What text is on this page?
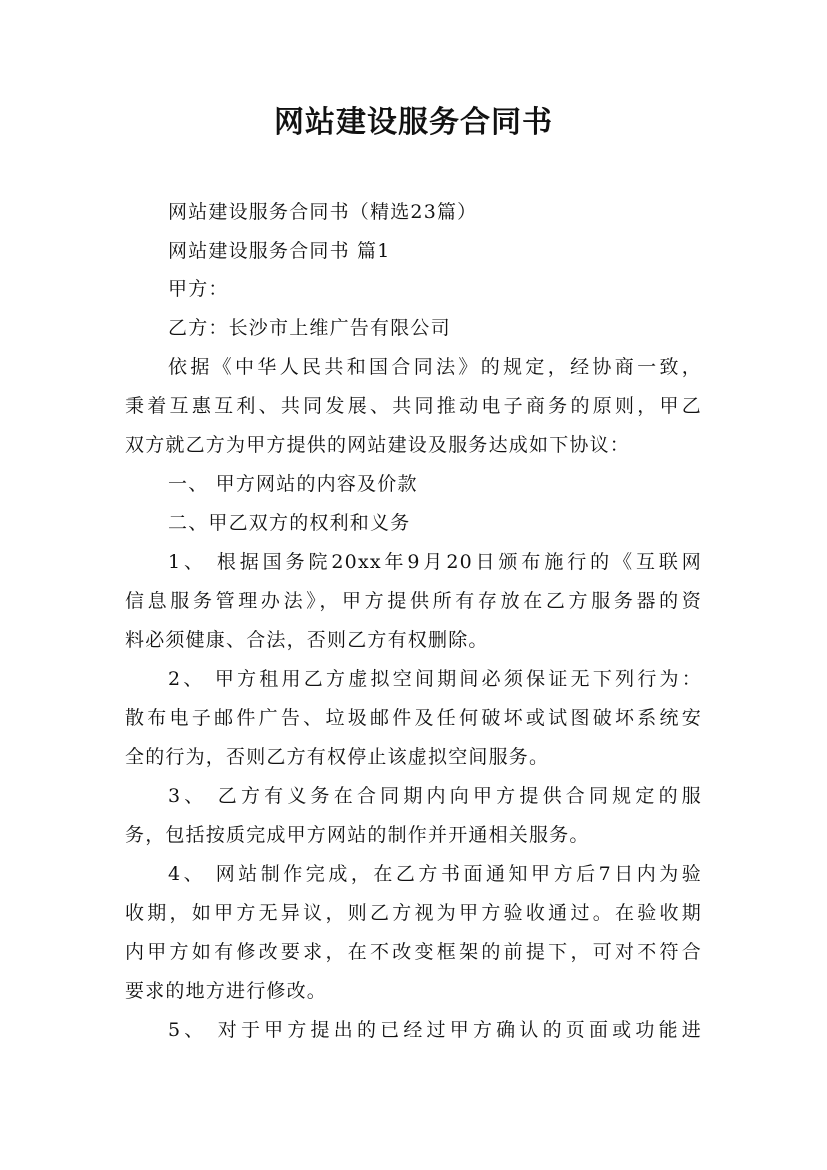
网站建设服务合同书
网站建设服务合同书（精选23篇）
网站建设服务合同书 篇1
甲方：
乙方：长沙市上维广告有限公司
依据《中华人民共和国合同法》的规定，经协商一致，
秉着互惠互利、共同发展、共同推动电子商务的原则，甲乙
双方就乙方为甲方提供的网站建设及服务达成如下协议：
一、 甲方网站的内容及价款
二、甲乙双方的权利和义务
1、 根据国务院20xx年9月20日颁布施行的《互联网
信息服务管理办法》，甲方提供所有存放在乙方服务器的资
料必须健康、合法，否则乙方有权删除。
2、 甲方租用乙方虚拟空间期间必须保证无下列行为：
散布电子邮件广告、垃圾邮件及任何破坏或试图破坏系统安
全的行为，否则乙方有权停止该虚拟空间服务。
3、 乙方有义务在合同期内向甲方提供合同规定的服
务，包括按质完成甲方网站的制作并开通相关服务。
4、 网站制作完成，在乙方书面通知甲方后7日内为验
收期，如甲方无异议，则乙方视为甲方验收通过。在验收期
内甲方如有修改要求，在不改变框架的前提下，可对不符合
要求的地方进行修改。
5、 对于甲方提出的已经过甲方确认的页面或功能进
